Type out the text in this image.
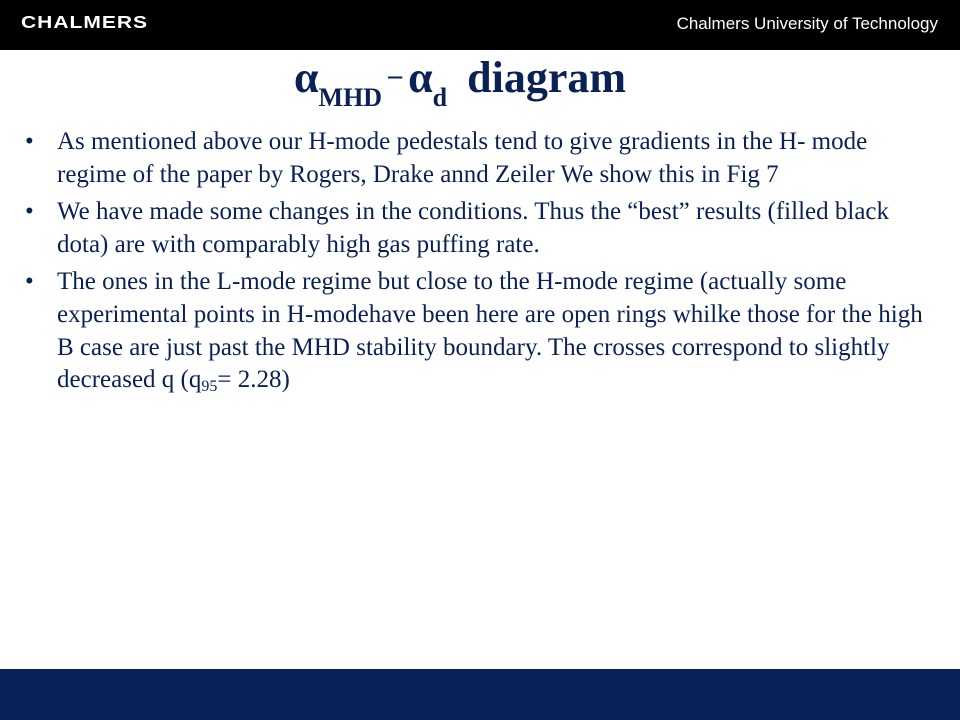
CHALMERS	Chalmers University of Technology
$\alpha_{MHD}-$ $\alpha_d$ diagram
• As mentioned above our H-mode pedestals tend to give gradients in the H- mode regime of the paper by Rogers, Drake annd Zeiler We show this in Fig 7
• We have made some changes in the conditions. Thus the “best” results (filled black dota) are with comparably high gas puffing rate.
• The ones in the L-mode regime but close to the H-mode regime (actually some experimental points in H-modehave been here are open rings whilke those for the high B case are just past the MHD stability boundary. The crosses correspond to slightly decreased q (q95= 2.28)
